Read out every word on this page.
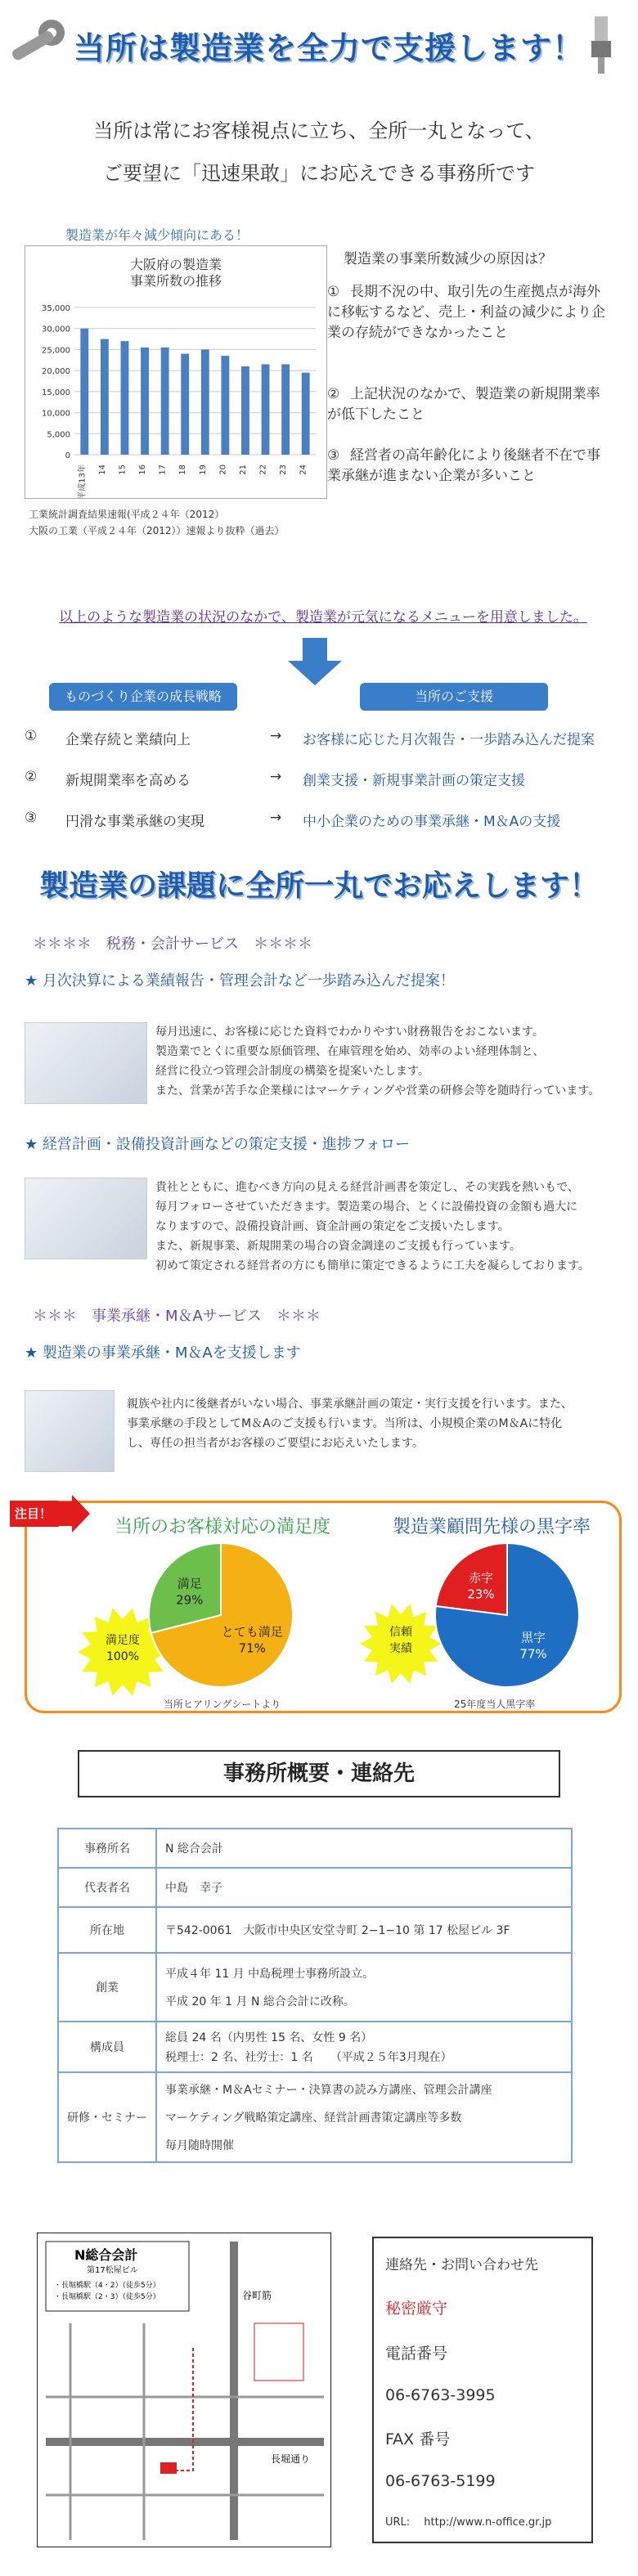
当所は製造業を全力で支援します！
当所は常にお客様視点に立ち、全所一丸となって、
ご要望に「迅速果敢」にお応えできる事務所です
製造業が年々減少傾向にある！
大阪府の製造業
事業所数の推移
35,000
30,000
25,000
20,000
15,000
10,000
5,000
0
平成13年 14 15 16 17 18 19 20 21 22 23 24
工業統計調査結果速報(平成２４年（2012）
大阪の工業（平成２４年（2012））速報より抜粋（過去）
製造業の事業所数減少の原因は？
① 長期不況の中、取引先の生産拠点が海外に移転するなど、売上・利益の減少により企業の存続ができなかったこと
② 上記状況のなかで、製造業の新規開業率が低下したこと
③ 経営者の高年齢化により後継者不在で事業承継が進まない企業が多いこと
以上のような製造業の状況のなかで、製造業が元気になるメニューを用意しました。
ものづくり企業の成長戦略	当所のご支援
①	企業存続と業績向上	→	お客様に応じた月次報告・一歩踏み込んだ提案
②	新規開業率を高める	→	創業支援・新規事業計画の策定支援
③	円滑な事業承継の実現	→	中小企業のための事業承継・M＆Aの支援
製造業の課題に全所一丸でお応えします！
＊＊＊＊　税務・会計サービス　＊＊＊＊
★ 月次決算による業績報告・管理会計など一歩踏み込んだ提案！
毎月迅速に、お客様に応じた資料でわかりやすい財務報告をおこないます。
製造業でとくに重要な原価管理、在庫管理を始め、効率のよい経理体制と、
経営に役立つ管理会計制度の構築を提案いたします。
また、営業が苦手な企業様にはマーケティングや営業の研修会等を随時行っています。
★ 経営計画・設備投資計画などの策定支援・進捗フォロー
貴社とともに、進むべき方向の見える経営計画書を策定し、その実践を熱いもで、
毎月フォローさせていただきます。製造業の場合、とくに設備投資の金額も過大に
なりますので、設備投資計画、資金計画の策定をご支援いたします。
また、新規事業、新規開業の場合の資金調達のご支援も行っています。
初めて策定される経営者の方にも簡単に策定できるように工夫を凝らしております。
＊＊＊　事業承継・M＆Aサービス　＊＊＊
★ 製造業の事業承継・M＆Aを支援します
親族や社内に後継者がいない場合、事業承継計画の策定・実行支援を行います。また、
事業承継の手段としてM＆Aのご支援も行います。当所は、小規模企業のM＆Aに特化
し、専任の担当者がお客様のご要望にお応えいたします。
注目！
当所のお客様対応の満足度	製造業顧問先様の黒字率
満足度
100%
満足
29%
とても満足
71%
信頼
実績
赤字
23%
黒字
77%
当所ヒアリングシートより	25年度当人黒字率
事務所概要・連絡先
事務所名	N 総合会計
代表者名	中島　幸子
所在地	〒542-0061　大阪市中央区安堂寺町 2−1−10 第 17 松屋ビル 3F
創業	平成４年 11 月 中島税理士事務所設立。
平成 20 年 1 月 N 総合会計に改称。

構成員	総員 24 名（内男性 15 名、女性 9 名）
税理士：2 名、社労士：1 名　　（平成２５年3月現在）

研修・セミナー	事業承継・M＆Aセミナー・決算書の読み方講座、管理会計講座
マーケティング戦略策定講座、経営計画書策定講座等多数
毎月随時開催
N総合会計
第17松屋ビル
・長堀橋駅（4・2）（徒歩5分）
・長堀橋駅（2・3）（徒歩5分）	谷町筋
長堀通り
連絡先・お問い合わせ先
秘密厳守
電話番号
06-6763-3995
FAX 番号
06-6763-5199
URL:　 http://www.n-office.gr.jp
